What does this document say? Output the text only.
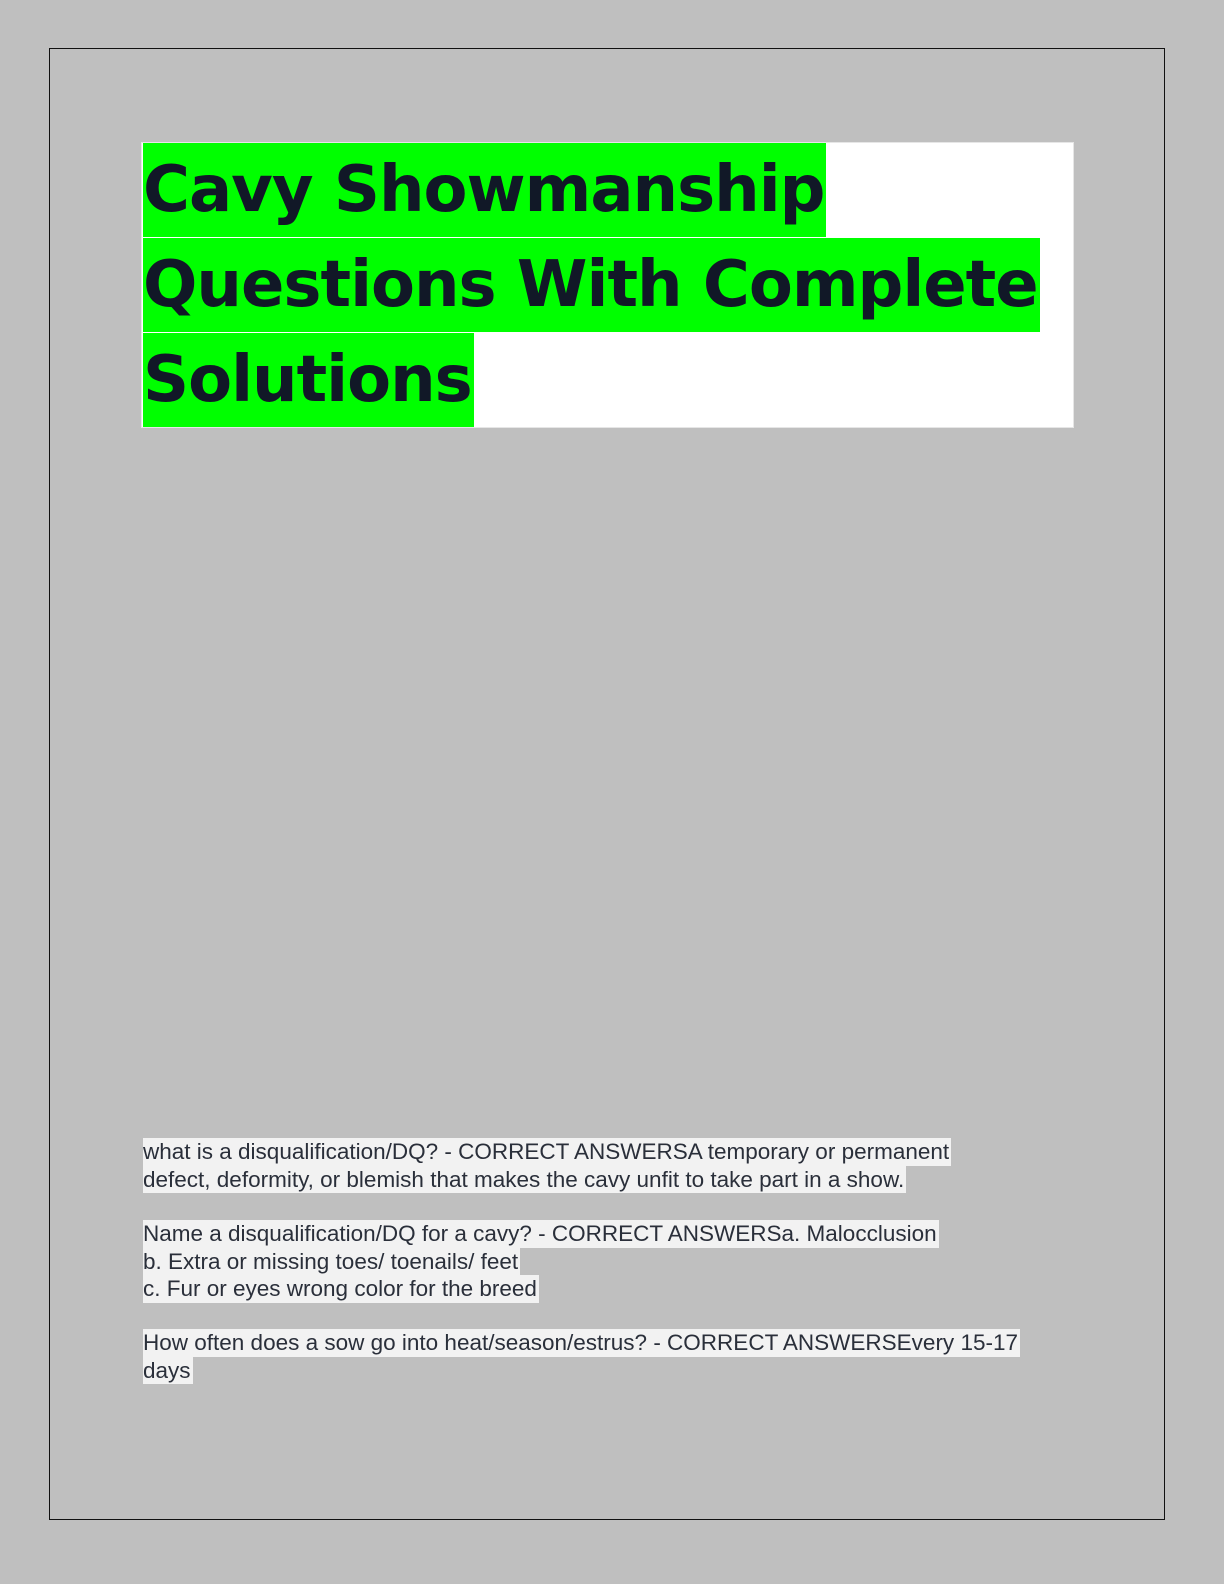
Cavy Showmanship
Questions With Complete
Solutions
what is a disqualification/DQ? - CORRECT ANSWERSA temporary or permanent
defect, deformity, or blemish that makes the cavy unfit to take part in a show.
Name a disqualification/DQ for a cavy? - CORRECT ANSWERSa. Malocclusion
b. Extra or missing toes/ toenails/ feet
c. Fur or eyes wrong color for the breed
How often does a sow go into heat/season/estrus? - CORRECT ANSWERSEvery 15-17
days
